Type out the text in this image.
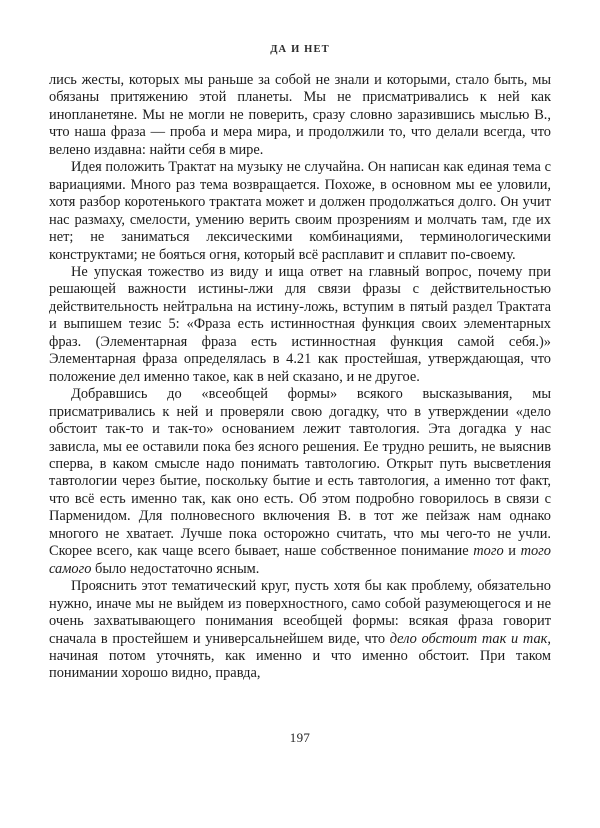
ДА И НЕТ

лись жесты, которых мы раньше за собой не знали и которыми, стало быть, мы обязаны притяжению этой планеты. Мы не присматривались к ней как инопланетяне. Мы не могли не поверить, сразу словно заразившись мыслью В., что наша фраза — проба и мера мира, и продолжили то, что делали всегда, что велено издавна: найти себя в мире.

Идея положить Трактат на музыку не случайна. Он написан как единая тема с вариациями. Много раз тема возвращается. Похоже, в основном мы ее уловили, хотя разбор коротенького трактата может и должен продолжаться долго. Он учит нас размаху, смелости, умению верить своим прозрениям и молчать там, где их нет; не заниматься лексическими комбинациями, терминологическими конструктами; не бояться огня, который всё расплавит и сплавит по-своему.

Не упуская тожество из виду и ища ответ на главный вопрос, почему при решающей важности истины-лжи для связи фразы с действительностью действительность нейтральна на истину-ложь, вступим в пятый раздел Трактата и выпишем тезис 5: «Фраза есть истинностная функция своих элементарных фраз. (Элементарная фраза есть истинностная функция самой себя.)» Элементарная фраза определялась в 4.21 как простейшая, утверждающая, что положение дел именно такое, как в ней сказано, и не другое.

Добравшись до «всеобщей формы» всякого высказывания, мы присматривались к ней и проверяли свою догадку, что в утверждении «дело обстоит так-то и так-то» основанием лежит тавтология. Эта догадка у нас зависла, мы ее оставили пока без ясного решения. Ее трудно решить, не выяснив сперва, в каком смысле надо понимать тавтологию. Открыт путь высветления тавтологии через бытие, поскольку бытие и есть тавтология, а именно тот факт, что всё есть именно так, как оно есть. Об этом подробно говорилось в связи с Парменидом. Для полновесного включения В. в тот же пейзаж нам однако многого не хватает. Лучше пока осторожно считать, что мы чего-то не учли. Скорее всего, как чаще всего бывает, наше собственное понимание того и того самого было недостаточно ясным.

Прояснить этот тематический круг, пусть хотя бы как проблему, обязательно нужно, иначе мы не выйдем из поверхностного, само собой разумеющегося и не очень захватывающего понимания всеобщей формы: всякая фраза говорит сначала в простейшем и универсальнейшем виде, что дело обстоит так и так, начиная потом уточнять, как именно и что именно обстоит. При таком понимании хорошо видно, правда,

197
